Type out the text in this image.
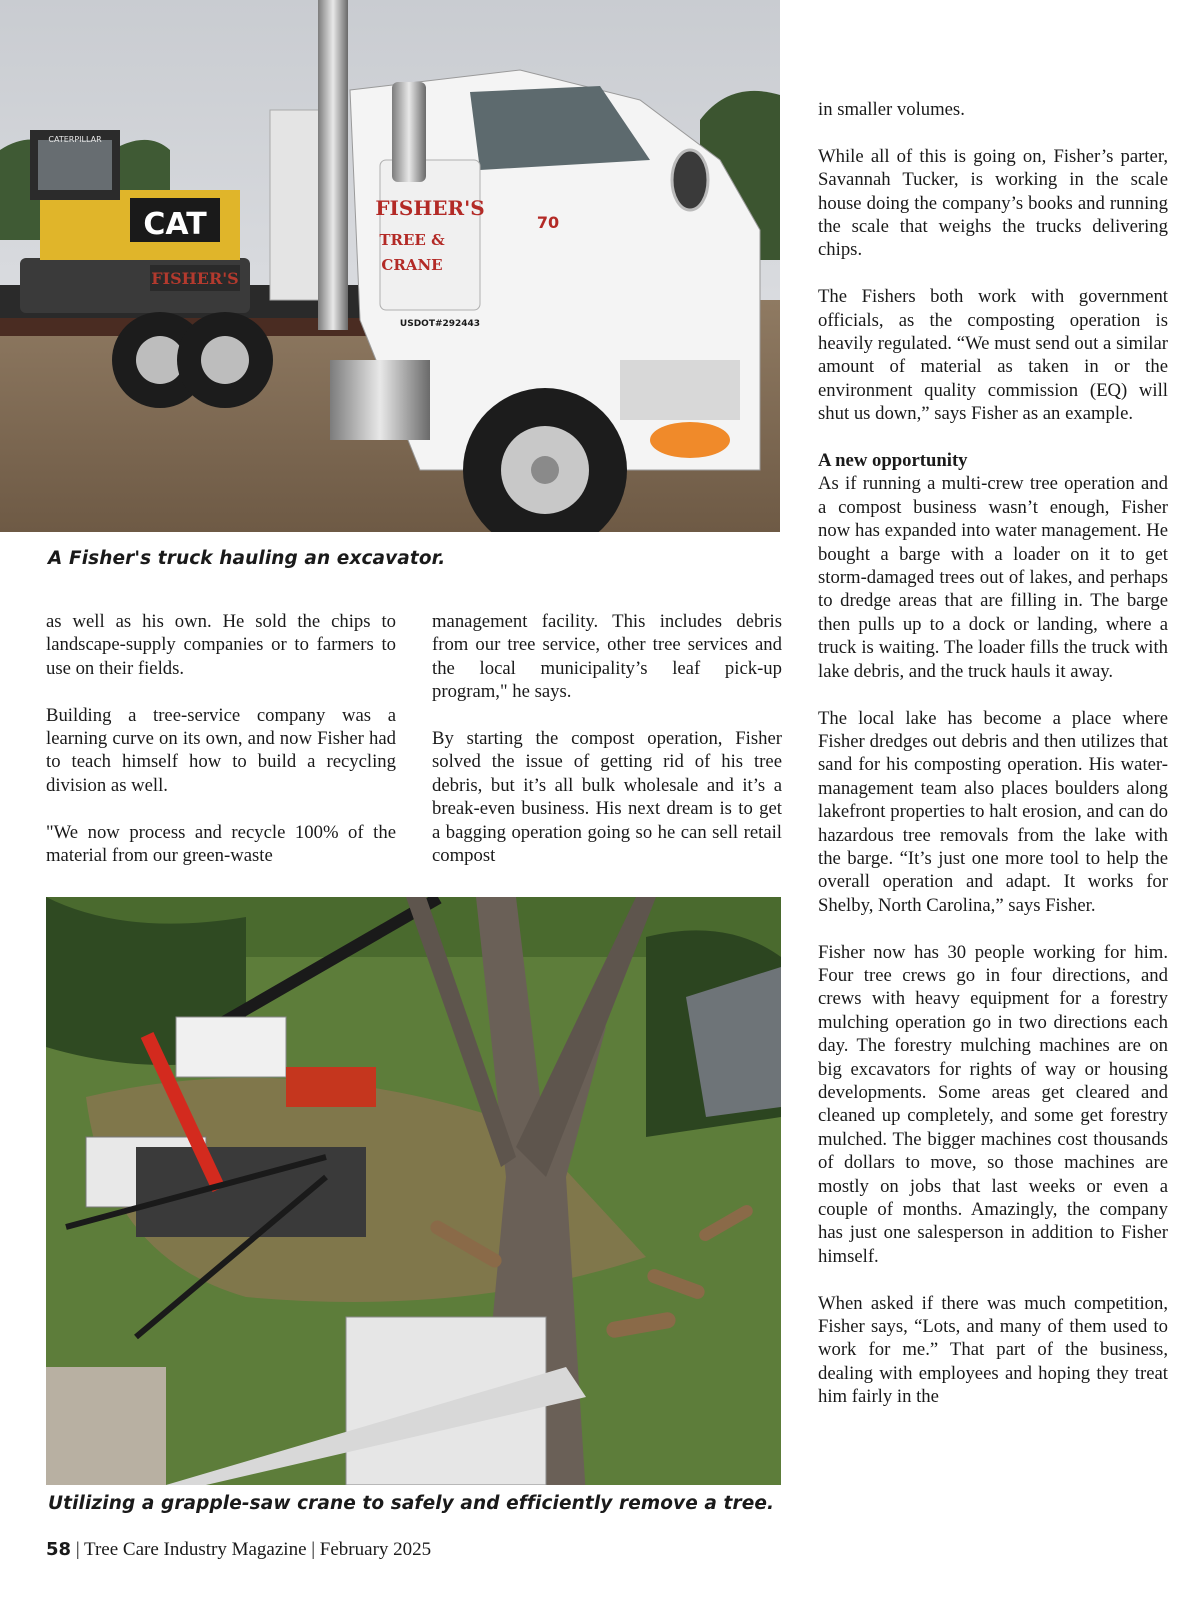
CAT
CATERPILLAR
FISHER'S
FISHER'S
TREE &
CRANE
USDOT#292443
70
A Fisher's truck hauling an excavator.

as well as his own. He sold the chips to landscape-supply companies or to farmers to use on their fields.

Building a tree-service company was a learning curve on its own, and now Fisher had to teach himself how to build a recycling division as well.

"We now process and recycle 100% of the material from our green-waste

management facility. This includes debris from our tree service, other tree services and the local municipality’s leaf pick-up program," he says.

By starting the compost operation, Fisher solved the issue of getting rid of his tree debris, but it’s all bulk wholesale and it’s a break-even business. His next dream is to get a bagging operation going so he can sell retail compost

Utilizing a grapple-saw crane to safely and efficiently remove a tree.

in smaller volumes.

While all of this is going on, Fisher’s parter, Savannah Tucker, is working in the scale house doing the company’s books and running the scale that weighs the trucks delivering chips.

The Fishers both work with government officials, as the composting operation is heavily regulated. “We must send out a similar amount of material as taken in or the environment quality commission (EQ) will shut us down,” says Fisher as an example.

A new opportunity

As if running a multi-crew tree operation and a compost business wasn’t enough, Fisher now has expanded into water management. He bought a barge with a loader on it to get storm-damaged trees out of lakes, and perhaps to dredge areas that are filling in. The barge then pulls up to a dock or landing, where a truck is waiting. The loader fills the truck with lake debris, and the truck hauls it away.

The local lake has become a place where Fisher dredges out debris and then utilizes that sand for his composting operation. His water-management team also places boulders along lakefront properties to halt erosion, and can do hazardous tree removals from the lake with the barge. “It’s just one more tool to help the overall operation and adapt. It works for Shelby, North Carolina,” says Fisher.

Fisher now has 30 people working for him. Four tree crews go in four directions, and crews with heavy equipment for a forestry mulching operation go in two directions each day. The forestry mulching machines are on big excavators for rights of way or housing developments. Some areas get cleared and cleaned up completely, and some get forestry mulched. The bigger machines cost thousands of dollars to move, so those machines are mostly on jobs that last weeks or even a couple of months. Amazingly, the company has just one salesperson in addition to Fisher himself.

When asked if there was much competition, Fisher says, “Lots, and many of them used to work for me.” That part of the business, dealing with employees and hoping they treat him fairly in the

58 | Tree Care Industry Magazine | February 2025
